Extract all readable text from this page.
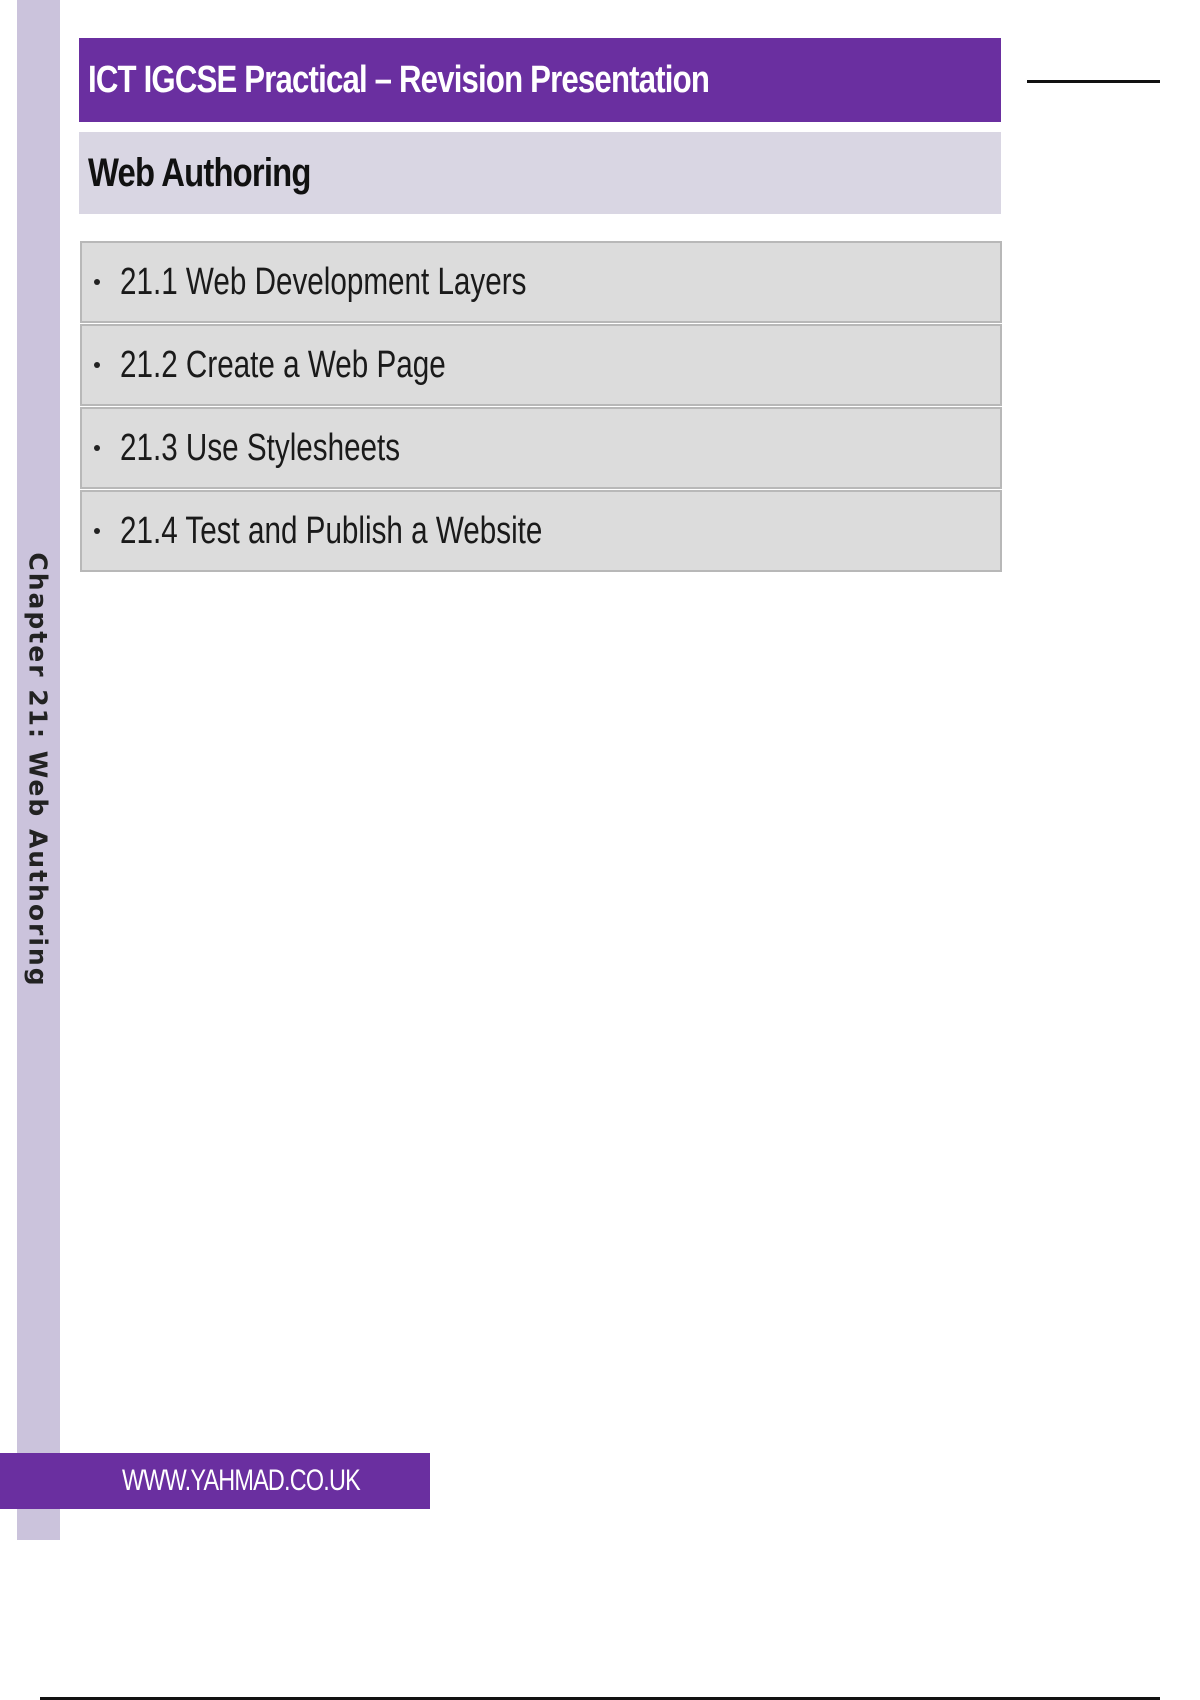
Chapter 21: Web Authoring
ICT IGCSE Practical – Revision Presentation
Web Authoring
21.1 Web Development Layers
21.2 Create a Web Page
21.3 Use Stylesheets
21.4 Test and Publish a Website
WWW.YAHMAD.CO.UK
